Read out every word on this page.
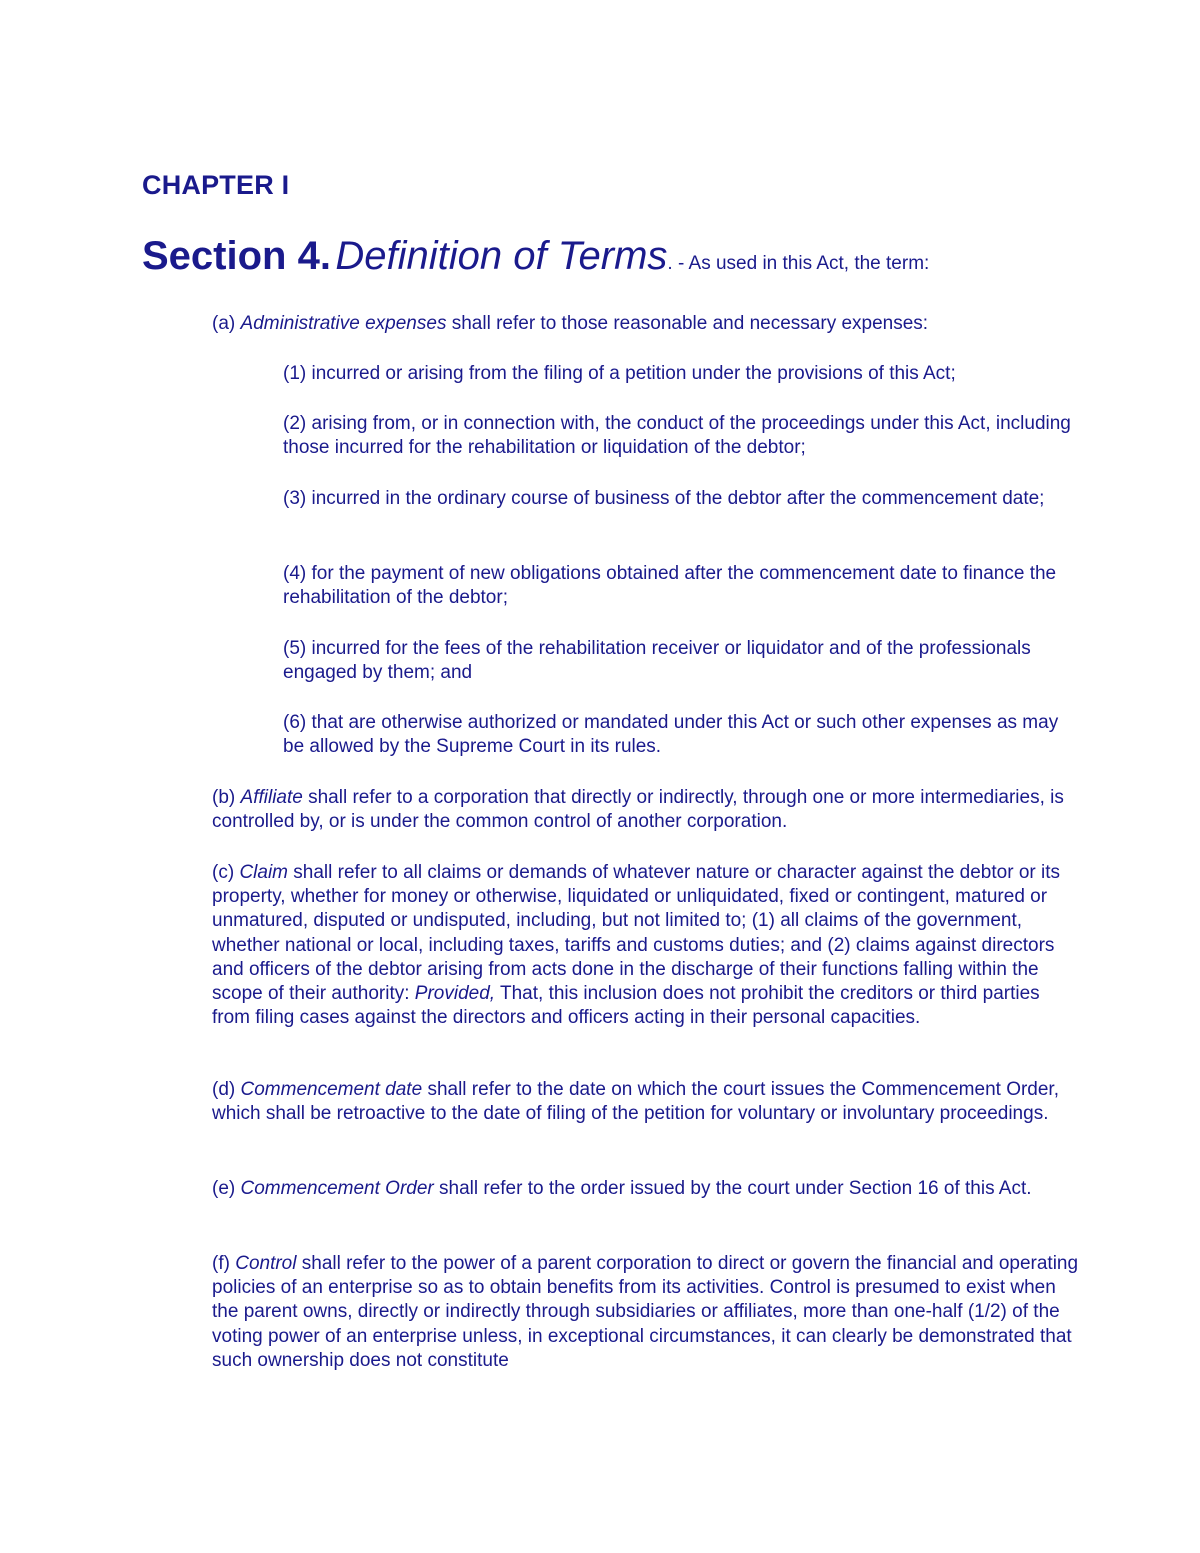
CHAPTER I

Section 4. Definition of Terms. - As used in this Act, the term:

(a) Administrative expenses shall refer to those reasonable and necessary expenses:

(1) incurred or arising from the filing of a petition under the provisions of this Act;

(2) arising from, or in connection with, the conduct of the proceedings under this Act, including those incurred for the rehabilitation or liquidation of the debtor;

(3) incurred in the ordinary course of business of the debtor after the commencement date;

(4) for the payment of new obligations obtained after the commencement date to finance the rehabilitation of the debtor;

(5) incurred for the fees of the rehabilitation receiver or liquidator and of the professionals engaged by them; and

(6) that are otherwise authorized or mandated under this Act or such other expenses as may be allowed by the Supreme Court in its rules.

(b) Affiliate shall refer to a corporation that directly or indirectly, through one or more intermediaries, is controlled by, or is under the common control of another corporation.

(c) Claim shall refer to all claims or demands of whatever nature or character against the debtor or its property, whether for money or otherwise, liquidated or unliquidated, fixed or contingent, matured or unmatured, disputed or undisputed, including, but not limited to; (1) all claims of the government, whether national or local, including taxes, tariffs and customs duties; and (2) claims against directors and officers of the debtor arising from acts done in the discharge of their functions falling within the scope of their authority: Provided, That, this inclusion does not prohibit the creditors or third parties from filing cases against the directors and officers acting in their personal capacities.

(d) Commencement date shall refer to the date on which the court issues the Commencement Order, which shall be retroactive to the date of filing of the petition for voluntary or involuntary proceedings.

(e) Commencement Order shall refer to the order issued by the court under Section 16 of this Act.

(f) Control shall refer to the power of a parent corporation to direct or govern the financial and operating policies of an enterprise so as to obtain benefits from its activities. Control is presumed to exist when the parent owns, directly or indirectly through subsidiaries or affiliates, more than one-half (1/2) of the voting power of an enterprise unless, in exceptional circumstances, it can clearly be demonstrated that such ownership does not constitute
